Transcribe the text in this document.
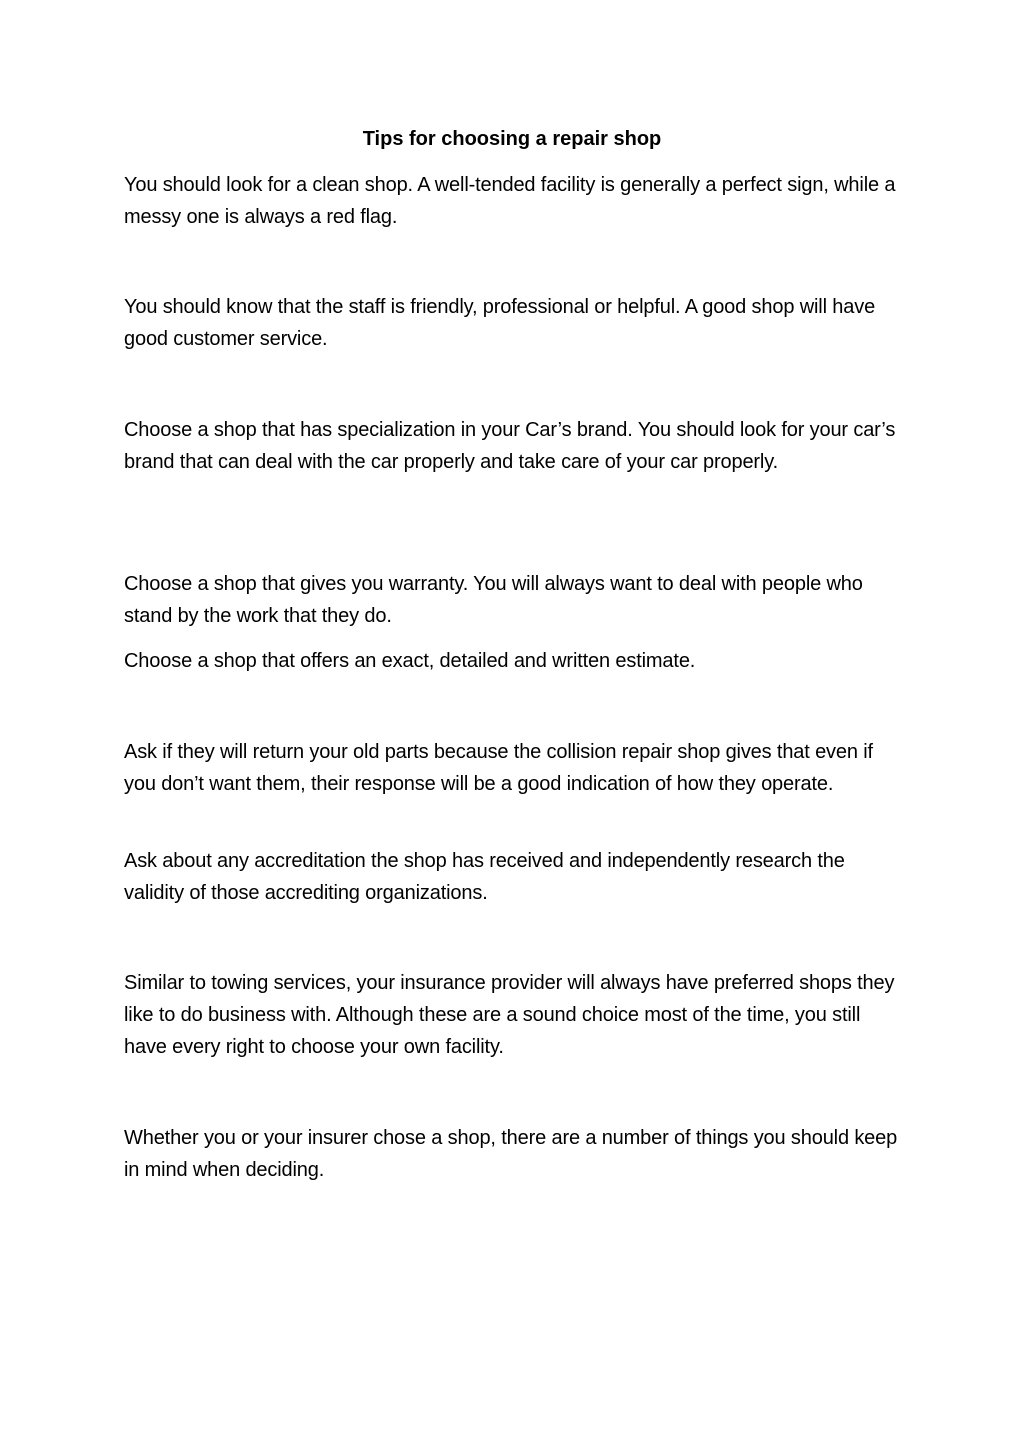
Tips for choosing a repair shop

You should look for a clean shop. A well-tended facility is generally a perfect sign, while a messy one is always a red flag.

You should know that the staff is friendly, professional or helpful. A good shop will have good customer service.

Choose a shop that has specialization in your Car’s brand. You should look for your car’s brand that can deal with the car properly and take care of your car properly.

Choose a shop that gives you warranty. You will always want to deal with people who stand by the work that they do.

Choose a shop that offers an exact, detailed and written estimate.

Ask if they will return your old parts because the collision repair shop gives that even if you don’t want them, their response will be a good indication of how they operate.

Ask about any accreditation the shop has received and independently research the validity of those accrediting organizations.

Similar to towing services, your insurance provider will always have preferred shops they like to do business with. Although these are a sound choice most of the time, you still have every right to choose your own facility.

Whether you or your insurer chose a shop, there are a number of things you should keep in mind when deciding.
